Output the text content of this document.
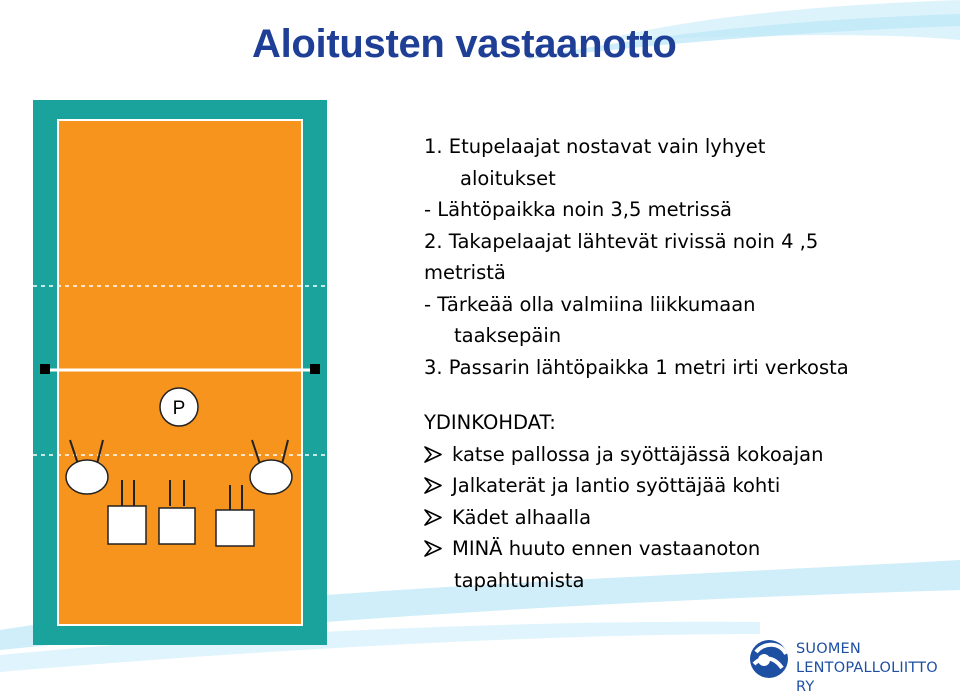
Aloitusten vastaanotto
P
1. Etupelaajat nostavat vain lyhyet
aloitukset
- Lähtöpaikka noin 3,5 metrissä
2. Takapelaajat lähtevät rivissä noin 4 ,5
metristä
- Tärkeää olla valmiina liikkumaan
taaksepäin
3. Passarin lähtöpaikka 1 metri irti verkosta
YDINKOHDAT:
katse pallossa ja syöttäjässä kokoajan
Jalkaterät ja lantio syöttäjää kohti
Kädet alhaalla
MINÄ huuto ennen vastaanoton
tapahtumista
SUOMEN
LENTOPALLOLIITTO RY
